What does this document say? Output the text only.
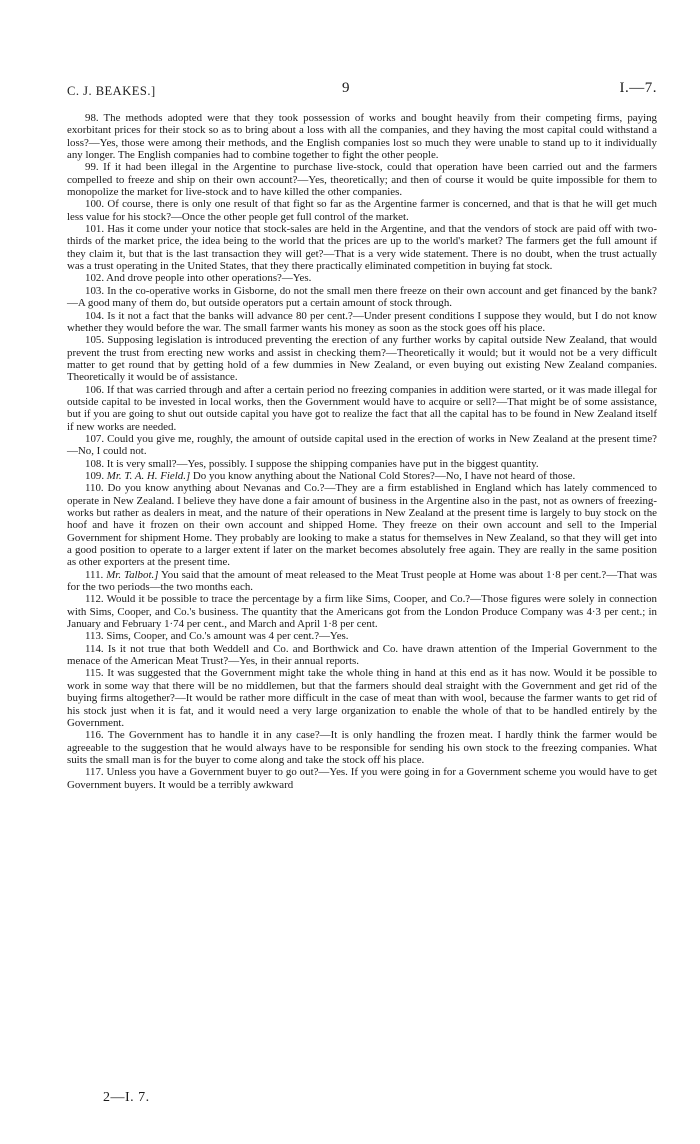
C. J. BEAKES.]	9	I.—7.

98. The methods adopted were that they took possession of works and bought heavily from their competing firms, paying exorbitant prices for their stock so as to bring about a loss with all the companies, and they having the most capital could withstand a loss?—Yes, those were among their methods, and the English companies lost so much they were unable to stand up to it individually any longer. The English companies had to combine together to fight the other people.

99. If it had been illegal in the Argentine to purchase live-stock, could that operation have been carried out and the farmers compelled to freeze and ship on their own account?—Yes, theoretically; and then of course it would be quite impossible for them to monopolize the market for live-stock and to have killed the other companies.

100. Of course, there is only one result of that fight so far as the Argentine farmer is concerned, and that is that he will get much less value for his stock?—Once the other people get full control of the market.

101. Has it come under your notice that stock-sales are held in the Argentine, and that the vendors of stock are paid off with two-thirds of the market price, the idea being to the world that the prices are up to the world's market? The farmers get the full amount if they claim it, but that is the last transaction they will get?—That is a very wide statement. There is no doubt, when the trust actually was a trust operating in the United States, that they there practically eliminated competition in buying fat stock.

102. And drove people into other operations?—Yes.

103. In the co-operative works in Gisborne, do not the small men there freeze on their own account and get financed by the bank?—A good many of them do, but outside operators put a certain amount of stock through.

104. Is it not a fact that the banks will advance 80 per cent.?—Under present conditions I suppose they would, but I do not know whether they would before the war. The small farmer wants his money as soon as the stock goes off his place.

105. Supposing legislation is introduced preventing the erection of any further works by capital outside New Zealand, that would prevent the trust from erecting new works and assist in checking them?—Theoretically it would; but it would not be a very difficult matter to get round that by getting hold of a few dummies in New Zealand, or even buying out existing New Zealand companies. Theoretically it would be of assistance.

106. If that was carried through and after a certain period no freezing companies in addition were started, or it was made illegal for outside capital to be invested in local works, then the Government would have to acquire or sell?—That might be of some assistance, but if you are going to shut out outside capital you have got to realize the fact that all the capital has to be found in New Zealand itself if new works are needed.

107. Could you give me, roughly, the amount of outside capital used in the erection of works in New Zealand at the present time?—No, I could not.

108. It is very small?—Yes, possibly. I suppose the shipping companies have put in the biggest quantity.

109. Mr. T. A. H. Field.] Do you know anything about the National Cold Stores?—No, I have not heard of those.

110. Do you know anything about Nevanas and Co.?—They are a firm established in England which has lately commenced to operate in New Zealand. I believe they have done a fair amount of business in the Argentine also in the past, not as owners of freezing-works but rather as dealers in meat, and the nature of their operations in New Zealand at the present time is largely to buy stock on the hoof and have it frozen on their own account and shipped Home. They freeze on their own account and sell to the Imperial Government for shipment Home. They probably are looking to make a status for themselves in New Zealand, so that they will get into a good position to operate to a larger extent if later on the market becomes absolutely free again. They are really in the same position as other exporters at the present time.

111. Mr. Talbot.] You said that the amount of meat released to the Meat Trust people at Home was about 1·8 per cent.?—That was for the two periods—the two months each.

112. Would it be possible to trace the percentage by a firm like Sims, Cooper, and Co.?—Those figures were solely in connection with Sims, Cooper, and Co.'s business. The quantity that the Americans got from the London Produce Company was 4·3 per cent.; in January and February 1·74 per cent., and March and April 1·8 per cent.

113. Sims, Cooper, and Co.'s amount was 4 per cent.?—Yes.

114. Is it not true that both Weddell and Co. and Borthwick and Co. have drawn attention of the Imperial Government to the menace of the American Meat Trust?—Yes, in their annual reports.

115. It was suggested that the Government might take the whole thing in hand at this end as it has now. Would it be possible to work in some way that there will be no middlemen, but that the farmers should deal straight with the Government and get rid of the buying firms altogether?—It would be rather more difficult in the case of meat than with wool, because the farmer wants to get rid of his stock just when it is fat, and it would need a very large organization to enable the whole of that to be handled entirely by the Government.

116. The Government has to handle it in any case?—It is only handling the frozen meat. I hardly think the farmer would be agreeable to the suggestion that he would always have to be responsible for sending his own stock to the freezing companies. What suits the small man is for the buyer to come along and take the stock off his place.

117. Unless you have a Government buyer to go out?—Yes. If you were going in for a Government scheme you would have to get Government buyers. It would be a terribly awkward

2—I. 7.
